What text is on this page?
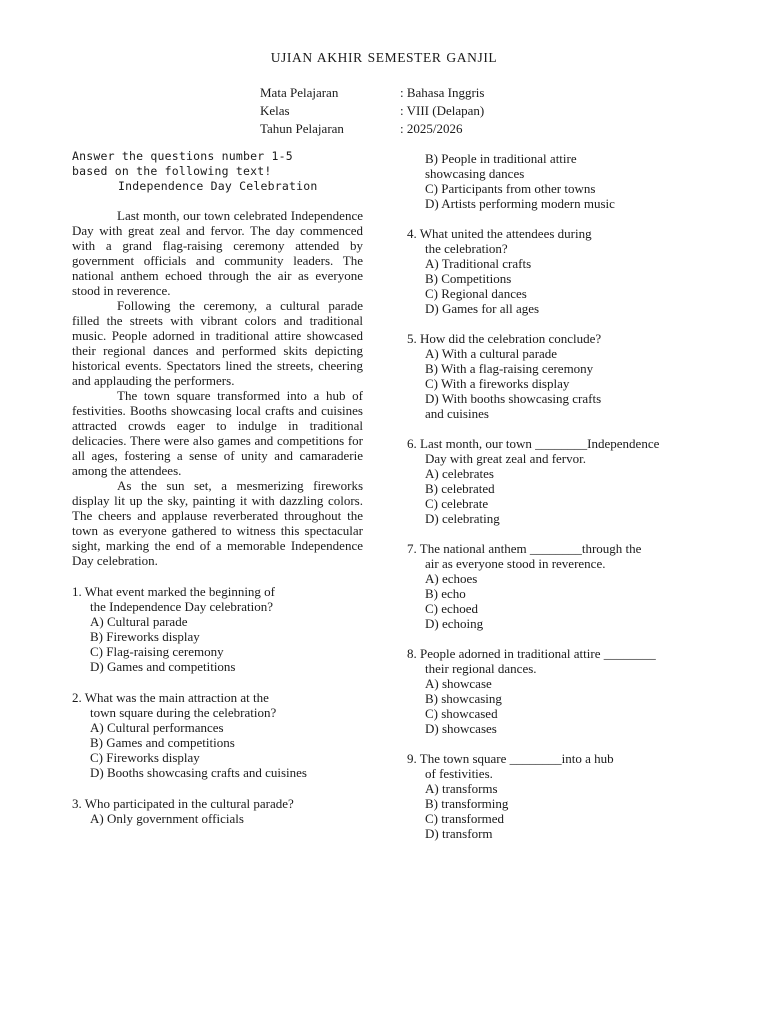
UJIAN AKHIR SEMESTER GANJIL
Mata Pelajaran	: Bahasa Inggris
Kelas	: VIII (Delapan)
Tahun Pelajaran	: 2025/2026
Answer the questions number 1-5
based on the following text!
Independence Day Celebration

Last month, our town celebrated Independence Day with great zeal and fervor. The day commenced with a grand flag-raising ceremony attended by government officials and community leaders. The national anthem echoed through the air as everyone stood in reverence.

Following the ceremony, a cultural parade filled the streets with vibrant colors and traditional music. People adorned in traditional attire showcased their regional dances and performed skits depicting historical events. Spectators lined the streets, cheering and applauding the performers.

The town square transformed into a hub of festivities. Booths showcasing local crafts and cuisines attracted crowds eager to indulge in traditional delicacies. There were also games and competitions for all ages, fostering a sense of unity and camaraderie among the attendees.

As the sun set, a mesmerizing fireworks display lit up the sky, painting it with dazzling colors. The cheers and applause reverberated throughout the town as everyone gathered to witness this spectacular sight, marking the end of a memorable Independence Day celebration.

1. What event marked the beginning of
the Independence Day celebration?
A) Cultural parade
B) Fireworks display
C) Flag-raising ceremony
D) Games and competitions
2. What was the main attraction at the
town square during the celebration?
A) Cultural performances
B) Games and competitions
C) Fireworks display
D) Booths showcasing crafts and cuisines
3. Who participated in the cultural parade?
A) Only government officials
B) People in traditional attire
showcasing dances
C) Participants from other towns
D) Artists performing modern music
4. What united the attendees during
the celebration?
A) Traditional crafts
B) Competitions
C) Regional dances
D) Games for all ages
5. How did the celebration conclude?
A) With a cultural parade
B) With a flag-raising ceremony
C) With a fireworks display
D) With booths showcasing crafts
and cuisines
6. Last month, our town ________Independence
Day with great zeal and fervor.
A) celebrates
B) celebrated
C) celebrate
D) celebrating
7. The national anthem ________through the
air as everyone stood in reverence.
A) echoes
B) echo
C) echoed
D) echoing
8. People adorned in traditional attire ________
their regional dances.
A) showcase
B) showcasing
C) showcased
D) showcases
9. The town square ________into a hub
of festivities.
A) transforms
B) transforming
C) transformed
D) transform
